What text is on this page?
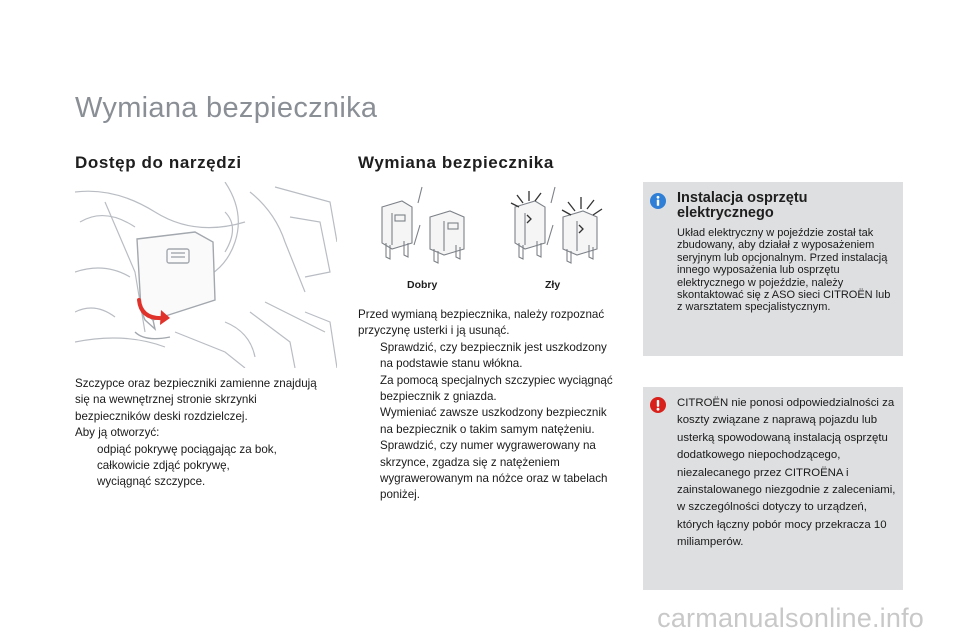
Wymiana bezpiecznika
Dostęp do narzędzi

Szczypce oraz bezpieczniki zamienne znajdują się na wewnętrznej stronie skrzynki bezpieczników deski rozdzielczej.

Aby ją otworzyć:

odpiąć pokrywę pociągając za bok,
całkowicie zdjąć pokrywę,
wyciągnąć szczypce.
Wymiana bezpiecznika
Dobry	Zły

Przed wymianą bezpiecznika, należy rozpoznać przyczynę usterki i ją usunąć.

Sprawdzić, czy bezpiecznik jest uszkodzony na podstawie stanu włókna.
Za pomocą specjalnych szczypiec wyciągnąć bezpiecznik z gniazda.
Wymieniać zawsze uszkodzony bezpiecznik na bezpiecznik o takim samym natężeniu.
Sprawdzić, czy numer wygrawerowany na skrzynce, zgadza się z natężeniem wygrawerowanym na nóżce oraz w tabelach poniżej.
Instalacja osprzętu elektrycznego
Układ elektryczny w pojeździe został tak zbudowany, aby działał z wyposażeniem seryjnym lub opcjonalnym. Przed instalacją innego wyposażenia lub osprzętu elektrycznego w pojeździe, należy skontaktować się z ASO sieci CITROËN lub z warsztatem specjalistycznym.
CITROËN nie ponosi odpowiedzialności za koszty związane z naprawą pojazdu lub usterką spowodowaną instalacją osprzętu dodatkowego niepochodzącego, niezalecanego przez CITROËNA i zainstalowanego niezgodnie z zaleceniami, w szczególności dotyczy to urządzeń, których łączny pobór mocy przekracza 10 miliamperów.
carmanualsonline.info
